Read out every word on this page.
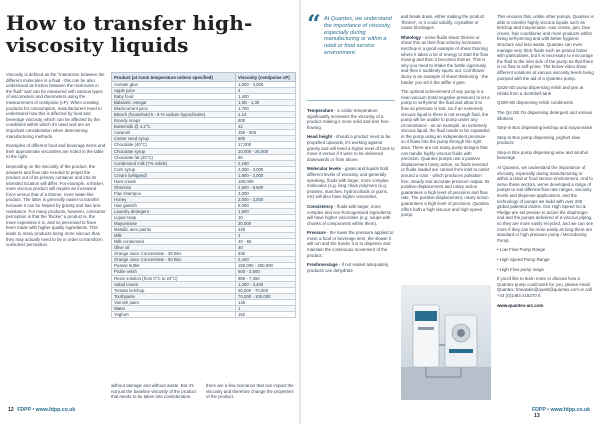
How to transfer high-viscosity liquids

Viscosity is defined as the "interaction between the different molecules in a fluid - this can be also understood as friction between the molecules in the fluid" and can be measured with various types of viscometers and rheometers using the measurement of centipoise (cP). When creating products for consumption, manufacturers need to understand how this is affected by food and beverage viscosity, which can be affected by the conditions within which it's used and are an important consideration when determining manufacturing methods.

Examples of different food and beverage items and their approximate viscosities are noted in the table to the right.

Depending on the viscosity of the product, the answers and flow rate needed to propel the product out of its primary container and into its intended location will differ. For example, a thicker, more viscous product will require an increased force versus that of a thinner, more water-like product. The latter is generally easier to transfer because it can be helped by gravity and has less resistance. For many products, however, consumer perception is that the 'thicker' a product is, the more expensive it is, and so perceived to have been made with higher quality ingredients. This leads to many products being more viscous than they may actually need to be in order to transform consumer perception.

Product (at room temperature unless specified)	Viscosity (centipoise cP)
Acetate glue	1,000 - 3,000
Apple juice	4
Baby food	1,400
Balsamic vinegar	1,0D - 1,30
Blackcurrant juice	1,700
Bleach (household 5 - 8 % sodium hypochlorite)	1.13
Brandy snaps	800
Buttermilk @ 4.2°C	42
Caramel	250 - 900
Castor seed syrup	600
Chocolate (40°C)	17,000
Chocolate syrup	10,000 - 25,000
Chocolate fat (40°C)	60
Condensed milk (7% solids)	2,160
Corn syrup	2,000 - 3,000
Cream (whipped)	1,800 - 2,000
Ham cream	100,000
Gherkins	4,500 - 8,600
Flax shampoo	3,000
Honey	2,000 - 3,000
Hair gamish	8,000
Laundry detergent	1,500
Liquid soap	10
Mayonnaise	20,000
Metallic aero paints	220
Milk	3
Milk condensed	40 - 60
Olive oil	40
Orange Juice Concentrate - 30 Brix	630
Orange Juice Concentrate - 50 Brix	2,440
Peanut butter	150,000 - 250,000
Pickle relish	600 - 2,500
Resin solution (from 0°C to 24°C)	880 - 7,360
Salad cream	1,200 - 3,400
Tomato ketchup	50,000 - 70,000
Toothpaste	70,000 - 100,000
Varnish paint	140
Water	1
Yoghurt	152

without damage and without waste. But it's not just the baseline viscosity of the product that needs to be taken into consideration,

there are a few scenarios that can impact the viscosity and therefore change the properties of the product.

“ At Quantex, we understand the importance of viscosity, especially during manufacturing or within a retail or food service environment.

Temperature - a colder temperature significantly increases the viscosity of a product making it more solid and less free-flowing.

Head height - should a product need to be propelled upwards, it's working against gravity and will need a higher level of force to move it versus if it were to be delivered downwards or from above.

Molecular levels - gases and liquids hold different levels of viscosity, and generally speaking, fluids with larger, more complex molecules (e.g. long chain polymers (e.g. proteins, starches, hydrocolloids or gums, etc) will also have higher viscosities.

Consistency - fluids with larger, more complex and non-homogenised ingredients will have higher viscosities (e.g. soups with chunks of components within them).

Pressure - the lower the pressure applied to move a food or beverage item, the slower it will run and the harder it is to dispense and maintain the continuous movement of the product.

Freshness/age - if not sealed adequately, products can dehydrate

and break down, either making the product 'thinner', or it could solidify, crystallise or cause blockages.

Rheology - some fluids shear thicken or shear thin as their flow velocity increases. Ketchup is a good example of shear thinning where it takes a lot of energy to start the flow moving and then it becomes thinner. This is why you need to shake the bottle vigorously and then it suddenly spurts out. Cornflower slurry is an example of shear thickening - the harder you stir it the stiffer it gets.

The optimal achievement of any pump is a near-vacuum (total negative pressure) to let a pump to self-prime the fluid and allow it to flow as pressure is lost. So if an extremely viscous liquid is there is not enough fluid, the pump will be unable to pump under any circumstance - as an example, an extremely viscous liquid, the fluid needs to be expanded in the pump using an independent pressure so it flows into the pump through the right area. There are not many pump designs that can handle highly viscous fluids with precision. Quantex pumps use a positive displacement rotary action, so fluids inserted or fluids loaded are carried from inlet to outlet around a rotor - which produces pulsation free, steady and accurate pressure output. Its positive-displacement and rotary action guarantees a high level of precision and flow rate. The positive-displacement, rotary action guarantees a high level of precision. Quantex offers both a high viscous and high speed pump.

This ensures that, unlike other pumps, Quantex is able to transfer highly viscous liquids such as ketchup and mayonnaise, sour cream, jam, face cream, hair conditioner and more products whilst being self-priming and with better hygienic structure and less waste. Quantex can even manage very thick fluids such as peanut butter with particulates, but it is necessary to encourage the fluid to the inlet side of the pump as that there is no flow to self-prime. The below video show different solutions at various viscosity levels being pumped with the aid of a Quantex pump.

Q425-SD pump dispensing relish and jam at Ishida from a dumbbell tank

Q409-SD dispensing relish condiments

The Q4 I2E Ox dispensing detergent and various dilutions

Step-In Box dispensing ketchup and mayonnaise

Step-In Box pump dispensing yoghurt slow products

Step-in Box pump dispensing wine and alcohol beverage

At Quantex, we understand the importance of viscosity, especially during manufacturing or within a retail or food service environment. And to serve these sectors, we've developed a range of pumps to suit different flow rate ranges, viscosity levels and dispense applications, and the technology of pumps we build with over 200 global patented claims. Our High Speed Go & Pledge are set precise to action the diaphragm end and the pumps delivered of a viscous piping, so they are more easily recycled, and we can see more if they can be more easily as long there are standard or high pressure pump / Microdosing Pump.

• Low Flow Pump Range

• High Speed Pump Range

• High Flow pump range

If you'd like to learn more or discuss how a Quantex pump could work for you, please email Quantex: fmeasale@quant@quantex.com or call +44 (0)1484 416270 0.

www.quantex-arc.com

12 FDPP • www.fdpp.co.uk	FDPP • www.fdpp.co.uk 13
